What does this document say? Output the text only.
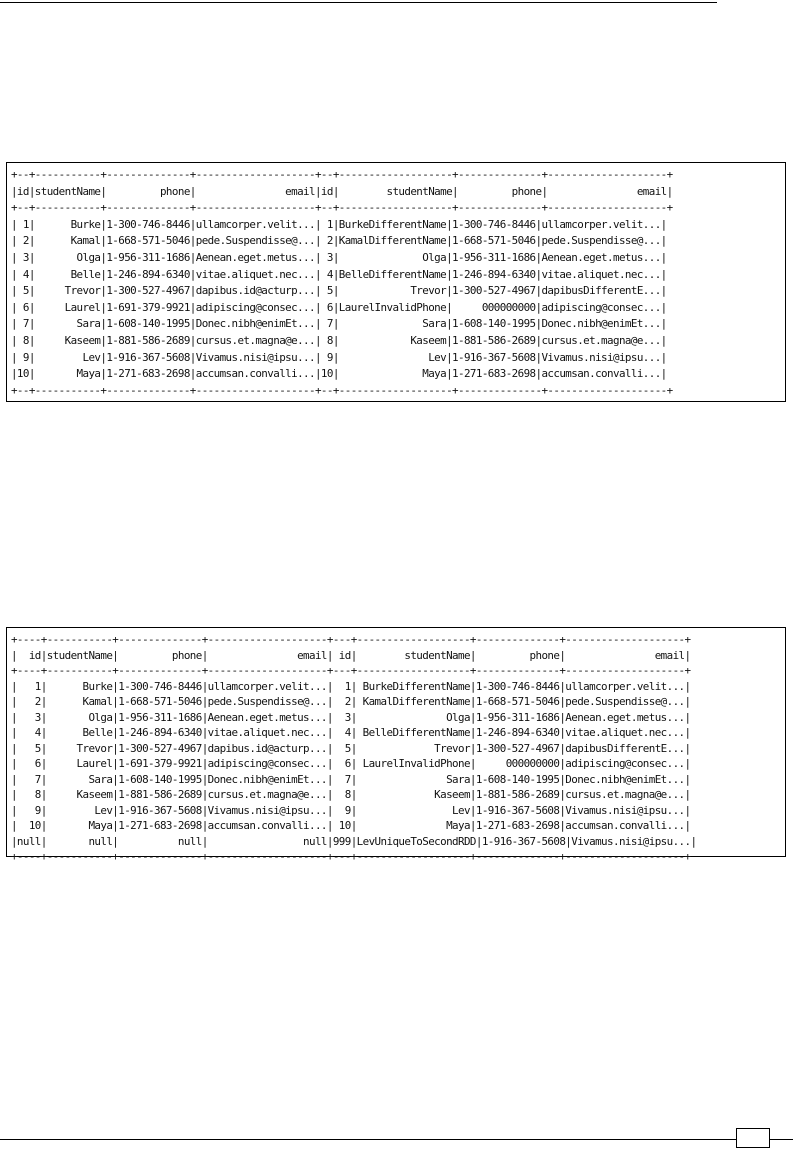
+--+-----------+--------------+--------------------+--+-------------------+--------------+--------------------+
|id|studentName|         phone|               email|id|        studentName|         phone|               email|
+--+-----------+--------------+--------------------+--+-------------------+--------------+--------------------+
| 1|      Burke|1-300-746-8446|ullamcorper.velit...| 1|BurkeDifferentName|1-300-746-8446|ullamcorper.velit...|
| 2|      Kamal|1-668-571-5046|pede.Suspendisse@...| 2|KamalDifferentName|1-668-571-5046|pede.Suspendisse@...|
| 3|       Olga|1-956-311-1686|Aenean.eget.metus...| 3|              Olga|1-956-311-1686|Aenean.eget.metus...|
| 4|      Belle|1-246-894-6340|vitae.aliquet.nec...| 4|BelleDifferentName|1-246-894-6340|vitae.aliquet.nec...|
| 5|     Trevor|1-300-527-4967|dapibus.id@acturp...| 5|            Trevor|1-300-527-4967|dapibusDifferentE...|
| 6|     Laurel|1-691-379-9921|adipiscing@consec...| 6|LaurelInvalidPhone|     000000000|adipiscing@consec...|
| 7|       Sara|1-608-140-1995|Donec.nibh@enimEt...| 7|              Sara|1-608-140-1995|Donec.nibh@enimEt...|
| 8|     Kaseem|1-881-586-2689|cursus.et.magna@e...| 8|            Kaseem|1-881-586-2689|cursus.et.magna@e...|
| 9|        Lev|1-916-367-5608|Vivamus.nisi@ipsu...| 9|               Lev|1-916-367-5608|Vivamus.nisi@ipsu...|
|10|       Maya|1-271-683-2698|accumsan.convalli...|10|              Maya|1-271-683-2698|accumsan.convalli...|
+--+-----------+--------------+--------------------+--+-------------------+--------------+--------------------+
+----+-----------+--------------+--------------------+---+-------------------+--------------+--------------------+
|  id|studentName|         phone|               email| id|        studentName|         phone|               email|
+----+-----------+--------------+--------------------+---+-------------------+--------------+--------------------+
|   1|      Burke|1-300-746-8446|ullamcorper.velit...|  1| BurkeDifferentName|1-300-746-8446|ullamcorper.velit...|
|   2|      Kamal|1-668-571-5046|pede.Suspendisse@...|  2| KamalDifferentName|1-668-571-5046|pede.Suspendisse@...|
|   3|       Olga|1-956-311-1686|Aenean.eget.metus...|  3|               Olga|1-956-311-1686|Aenean.eget.metus...|
|   4|      Belle|1-246-894-6340|vitae.aliquet.nec...|  4| BelleDifferentName|1-246-894-6340|vitae.aliquet.nec...|
|   5|     Trevor|1-300-527-4967|dapibus.id@acturp...|  5|             Trevor|1-300-527-4967|dapibusDifferentE...|
|   6|     Laurel|1-691-379-9921|adipiscing@consec...|  6| LaurelInvalidPhone|     000000000|adipiscing@consec...|
|   7|       Sara|1-608-140-1995|Donec.nibh@enimEt...|  7|               Sara|1-608-140-1995|Donec.nibh@enimEt...|
|   8|     Kaseem|1-881-586-2689|cursus.et.magna@e...|  8|             Kaseem|1-881-586-2689|cursus.et.magna@e...|
|   9|        Lev|1-916-367-5608|Vivamus.nisi@ipsu...|  9|                Lev|1-916-367-5608|Vivamus.nisi@ipsu...|
|  10|       Maya|1-271-683-2698|accumsan.convalli...| 10|               Maya|1-271-683-2698|accumsan.convalli...|
|null|       null|          null|                null|999|LevUniqueToSecondRDD|1-916-367-5608|Vivamus.nisi@ipsu...|
+----+-----------+--------------+--------------------+---+-------------------+--------------+--------------------+
